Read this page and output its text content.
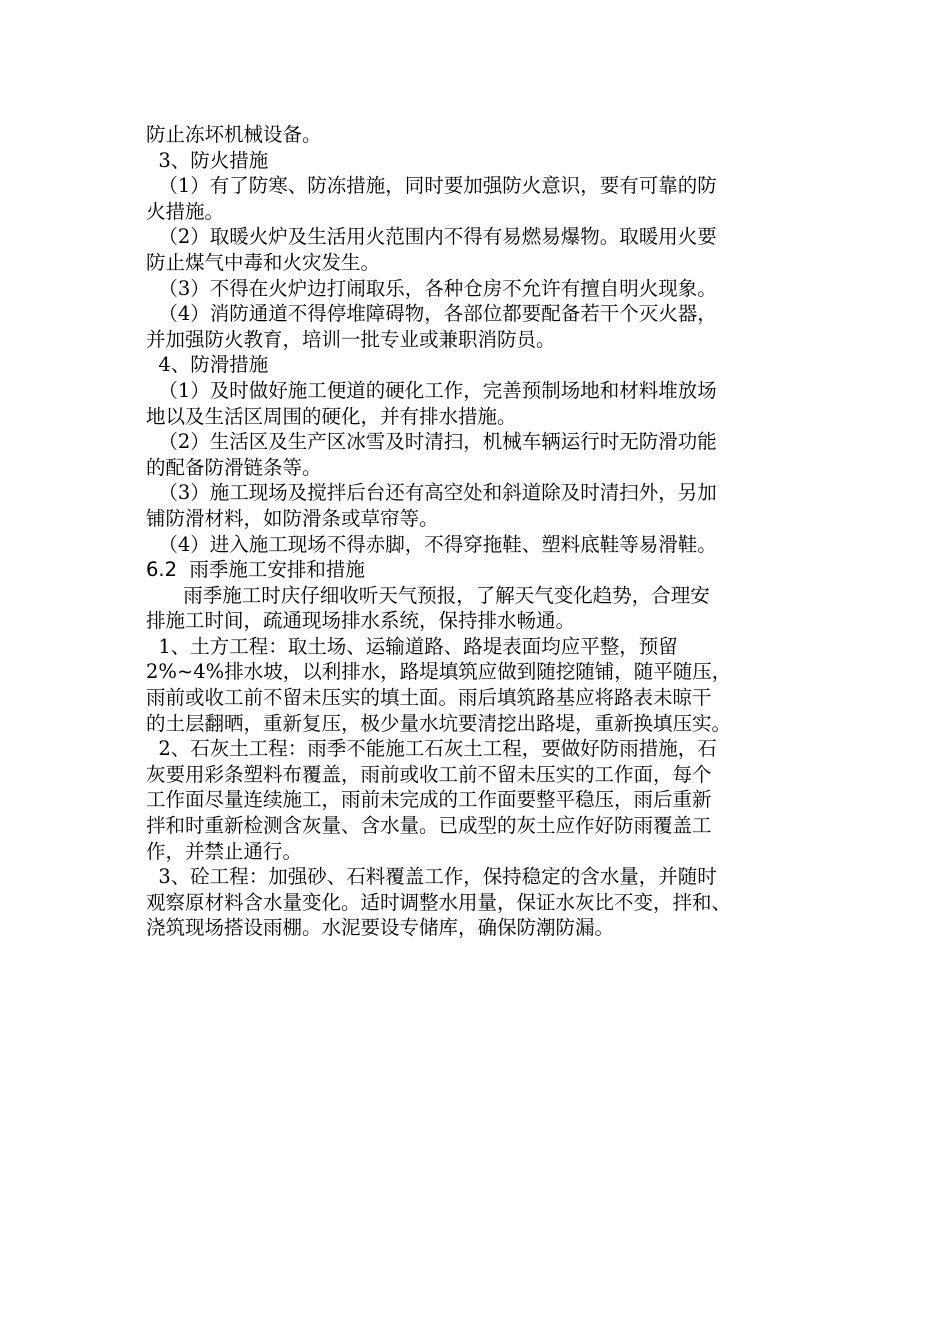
防止冻坏机械设备。
3、防火措施
（1）有了防寒、防冻措施，同时要加强防火意识，要有可靠的防
火措施。
（2）取暖火炉及生活用火范围内不得有易燃易爆物。取暖用火要
防止煤气中毒和火灾发生。
（3）不得在火炉边打闹取乐，各种仓房不允许有擅自明火现象。
（4）消防通道不得停堆障碍物，各部位都要配备若干个灭火器，
并加强防火教育，培训一批专业或兼职消防员。
4、防滑措施
（1）及时做好施工便道的硬化工作，完善预制场地和材料堆放场
地以及生活区周围的硬化，并有排水措施。
（2）生活区及生产区冰雪及时清扫，机械车辆运行时无防滑功能
的配备防滑链条等。
（3）施工现场及搅拌后台还有高空处和斜道除及时清扫外，另加
铺防滑材料，如防滑条或草帘等。
（4）进入施工现场不得赤脚，不得穿拖鞋、塑料底鞋等易滑鞋。
6.2  雨季施工安排和措施
雨季施工时庆仔细收听天气预报，了解天气变化趋势，合理安
排施工时间，疏通现场排水系统，保持排水畅通。
1、土方工程：取土场、运输道路、路堤表面均应平整，预留
2%~4%排水坡，以利排水，路堤填筑应做到随挖随铺，随平随压，
雨前或收工前不留未压实的填土面。雨后填筑路基应将路表未晾干
的土层翻晒，重新复压，极少量水坑要清挖出路堤，重新换填压实。
2、石灰土工程：雨季不能施工石灰土工程，要做好防雨措施，石
灰要用彩条塑料布覆盖，雨前或收工前不留未压实的工作面，每个
工作面尽量连续施工，雨前未完成的工作面要整平稳压，雨后重新
拌和时重新检测含灰量、含水量。已成型的灰土应作好防雨覆盖工
作，并禁止通行。
3、砼工程：加强砂、石料覆盖工作，保持稳定的含水量，并随时
观察原材料含水量变化。适时调整水用量，保证水灰比不变，拌和、
浇筑现场搭设雨棚。水泥要设专储库，确保防潮防漏。
